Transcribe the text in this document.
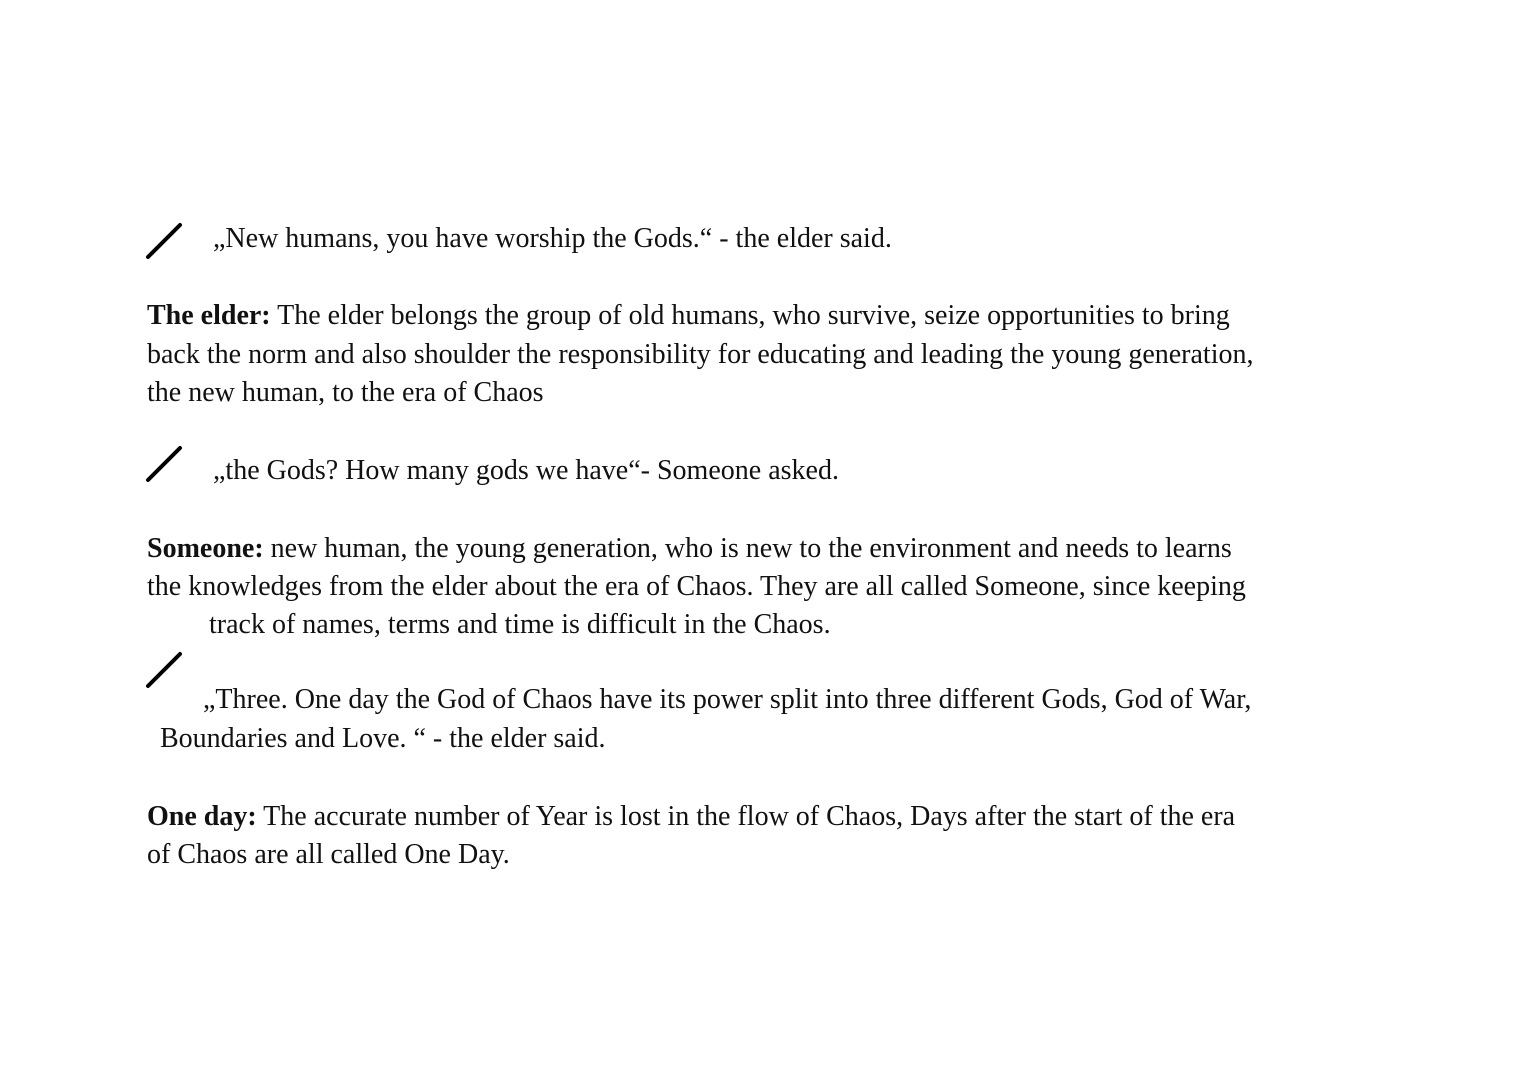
„New humans, you have worship the Gods.“ - the elder said.
The elder: The elder belongs the group of old humans, who survive, seize opportunities to bring
back the norm and also shoulder the responsibility for educating and leading the young generation,
the new human, to the era of Chaos
„the Gods? How many gods we have“- Someone asked.
Someone: new human, the young generation, who is new to the environment and needs to learns
the knowledges from the elder about the era of Chaos. They are all called Someone, since keeping
track of names, terms and time is difficult in the Chaos.
„Three. One day the God of Chaos have its power split into three different Gods, God of War,
Boundaries and Love. “ - the elder said.
One day: The accurate number of Year is lost in the flow of Chaos, Days after the start of the era
of Chaos are all called One Day.
